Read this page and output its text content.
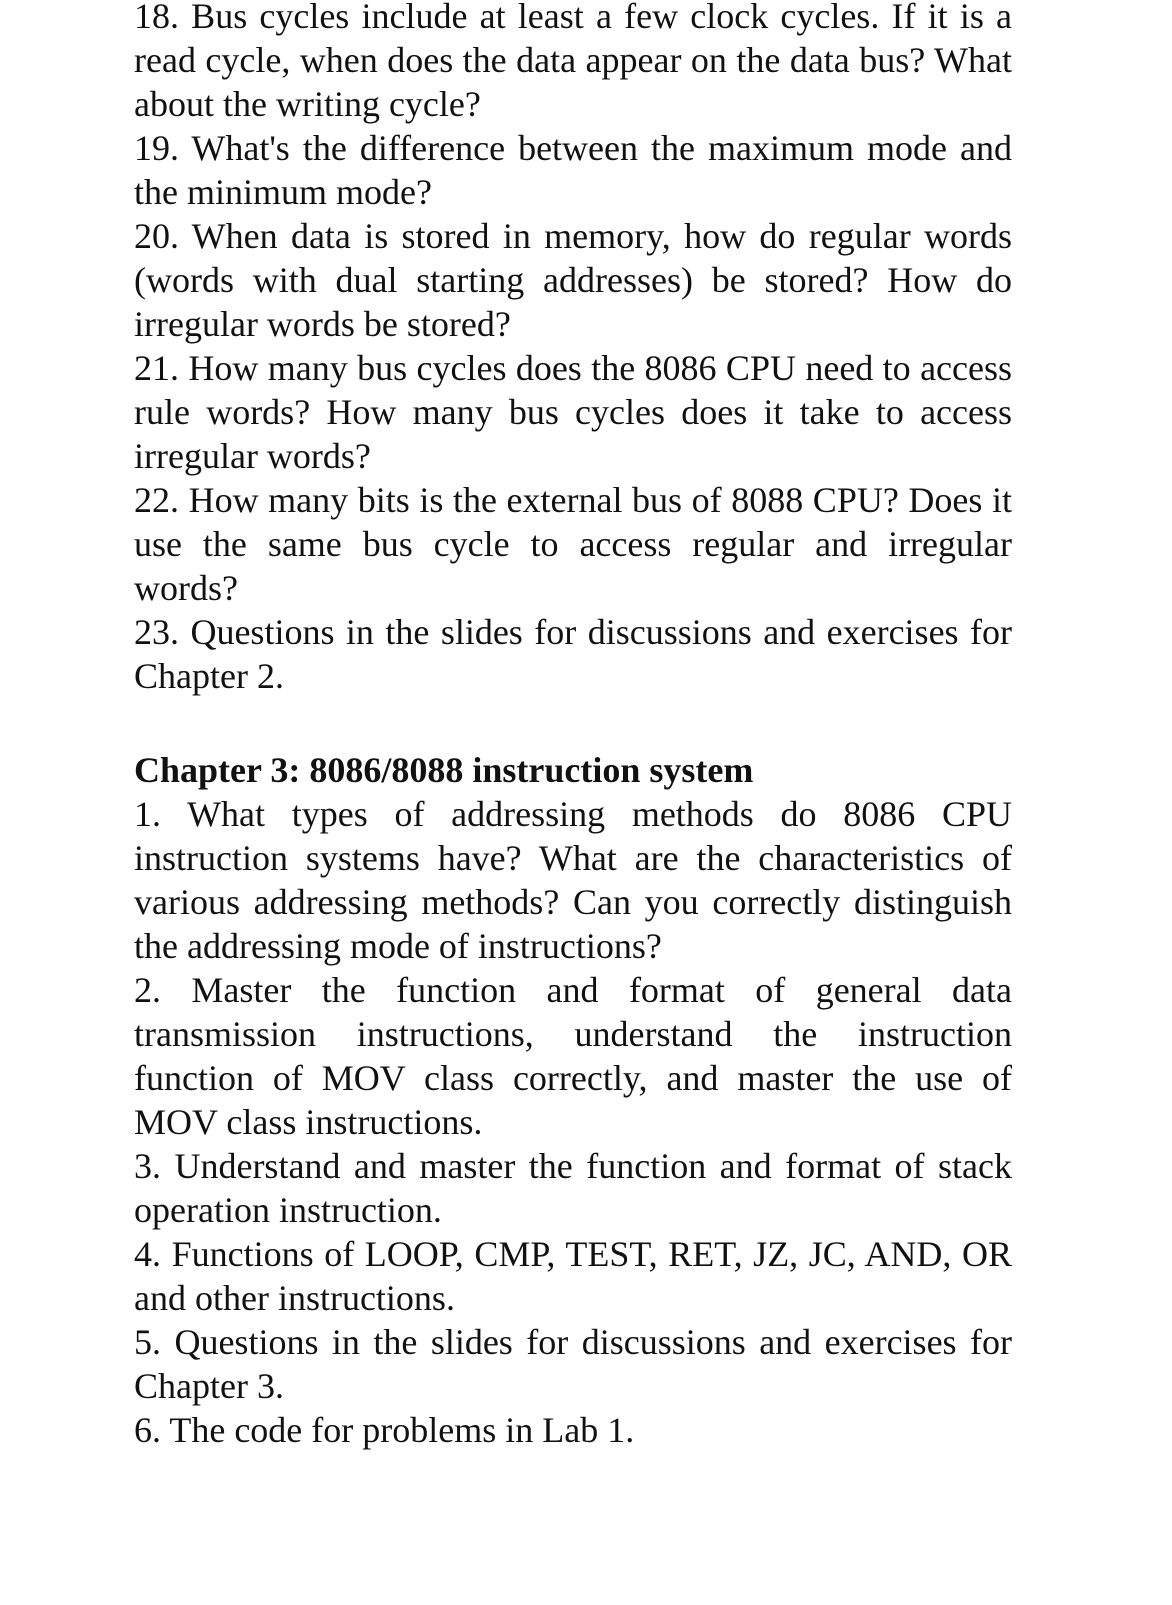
18. Bus cycles include at least a few clock cycles. If it is a read cycle, when does the data appear on the data bus? What about the writing cycle?

19. What's the difference between the maximum mode and the minimum mode?

20. When data is stored in memory, how do regular words (words with dual starting addresses) be stored? How do irregular words be stored?

21. How many bus cycles does the 8086 CPU need to access rule words? How many bus cycles does it take to access irregular words?

22. How many bits is the external bus of 8088 CPU? Does it use the same bus cycle to access regular and irregular words?

23. Questions in the slides for discussions and exercises for Chapter 2.

Chapter 3: 8086/8088 instruction system

1. What types of addressing methods do 8086 CPU instruction systems have? What are the characteristics of various addressing methods? Can you correctly distinguish the addressing mode of instructions?

2. Master the function and format of general data transmission instructions, understand the instruction function of MOV class correctly, and master the use of MOV class instructions.

3. Understand and master the function and format of stack operation instruction.

4. Functions of LOOP, CMP, TEST, RET, JZ, JC, AND, OR and other instructions.

5. Questions in the slides for discussions and exercises for Chapter 3.

6. The code for problems in Lab 1.
